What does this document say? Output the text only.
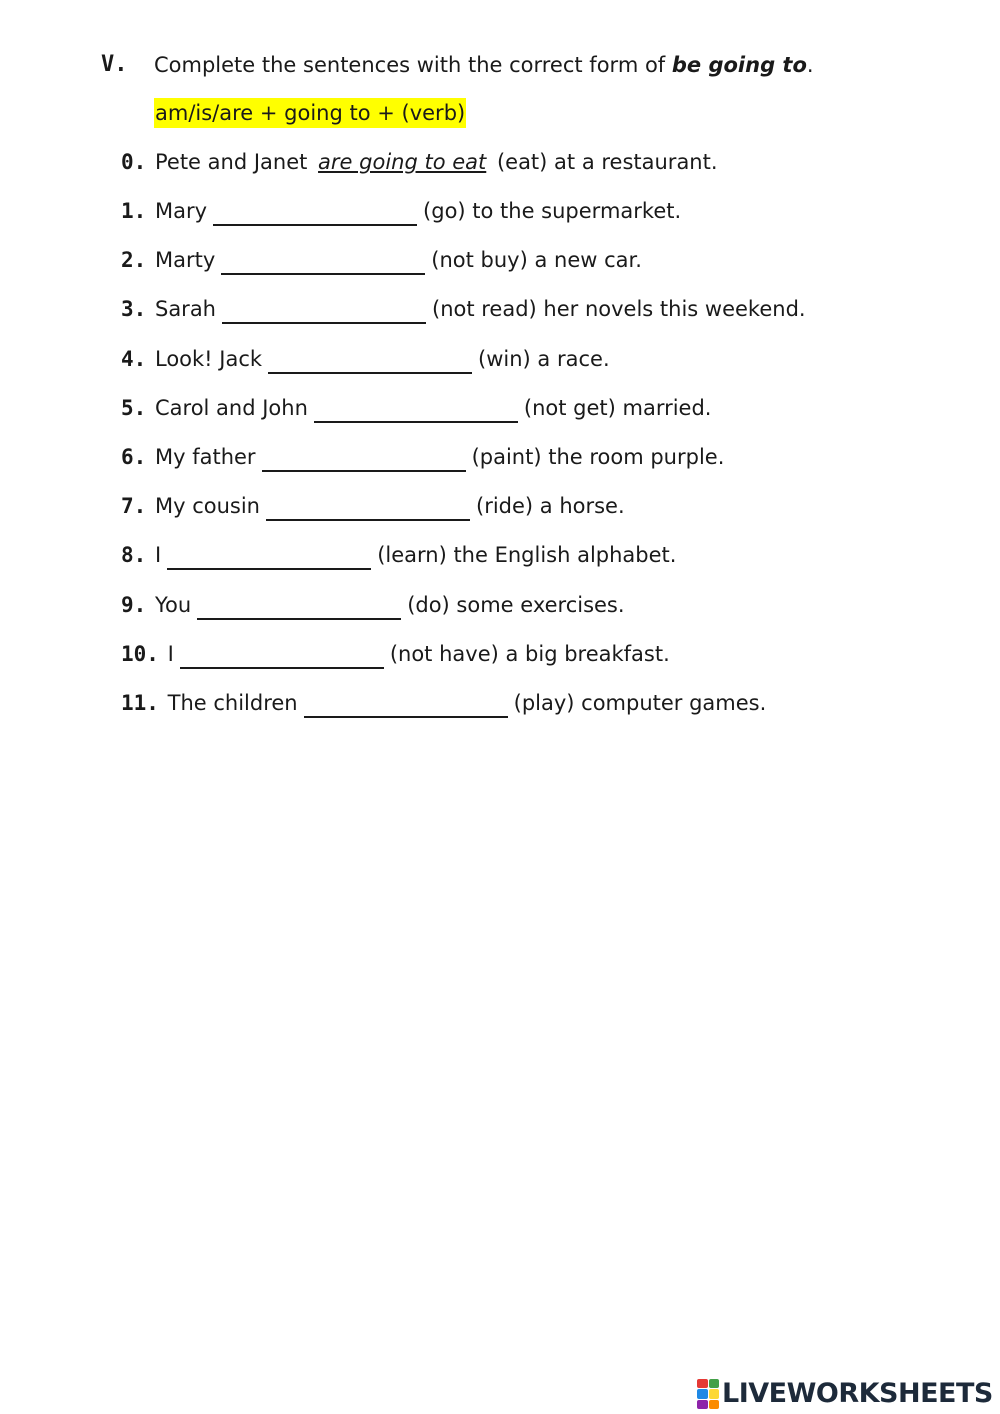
V. Complete the sentences with the correct form of be going to.
am/is/are + going to + (verb)
0. Pete and Janet are going to eat (eat) at a restaurant.
1. Mary	(go) to the supermarket.
2. Marty	(not buy) a new car.
3. Sarah	(not read) her novels this weekend.
4. Look! Jack	(win) a race.
5. Carol and John	(not get) married.
6. My father	(paint) the room purple.
7. My cousin	(ride) a horse.
8. I	(learn) the English alphabet.
9. You	(do) some exercises.
10. I	(not have) a big breakfast.
11. The children	(play) computer games.
LIVEWORKSHEETS
